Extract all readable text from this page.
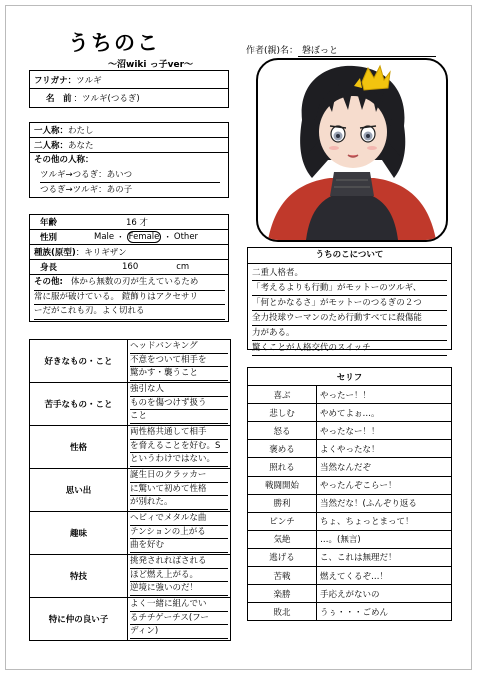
うちのこ
〜沼wiki っ子ver〜
作者(親)名： 磐ぼっと
フリガナ： ツルギ
名　前 ：ツルギ(つるぎ)
一人称： わたし
二人称： あなた
その他の人称：
ツルギ→つるぎ：あいつ
つるぎ→ツルギ：あの子
年齢	16 才
性別	Male ・ Female ・ Other
種族(原型) ：キリギザン
身長	160	cm
その他: 体から無数の刃が生えているため
常に服が破けている。 鎧飾りはアクセサリ
ーだがこれも刃。よく切れる
うちのこについて
二重人格者。
「考えるよりも行動」がモットーのツルギ、
「何とかなるさ」がモットーのつるぎの２つ
全力投球ウーマンのため行動すべてに殺傷能
力がある。
驚くことが人格交代のスイッチ
好きなもの・こと	ヘッドバンキング
不意をついて相手を
驚かす・襲うこと

苦手なもの・こと	強引な人
ものを傷つけず扱う
こと

性格	両性格共通して相手
を脅えることを好む。S
というわけではない。

思い出	誕生日のクラッカー
に驚いて初めて性格
が別れた。

趣味	ヘビィでメタルな曲
テンションの上がる
曲を好む

特技	挑発されればされる
ほど燃え上がる。
逆境に強いのだ！

特に仲の良い子	よく一緒に組んでい
るチチゲーチス(フー
ディン)
セリフ	
喜ぶ	やったー！！
悲しむ	やめてよぉ…。
怒る	やったなー！！
褒める	よくやったな！
照れる	当然なんだぞ
戦闘開始	やったんぞこらー！
勝利	当然だな！(ふんぞり返る
ピンチ	ちょ、ちょっとまって！
気絶	…。(無言)
逃げる	こ、これは無理だ！
苦戦	燃えてくるぞ…！
楽勝	手応えがないの
敗北	うぅ・・・ごめん
